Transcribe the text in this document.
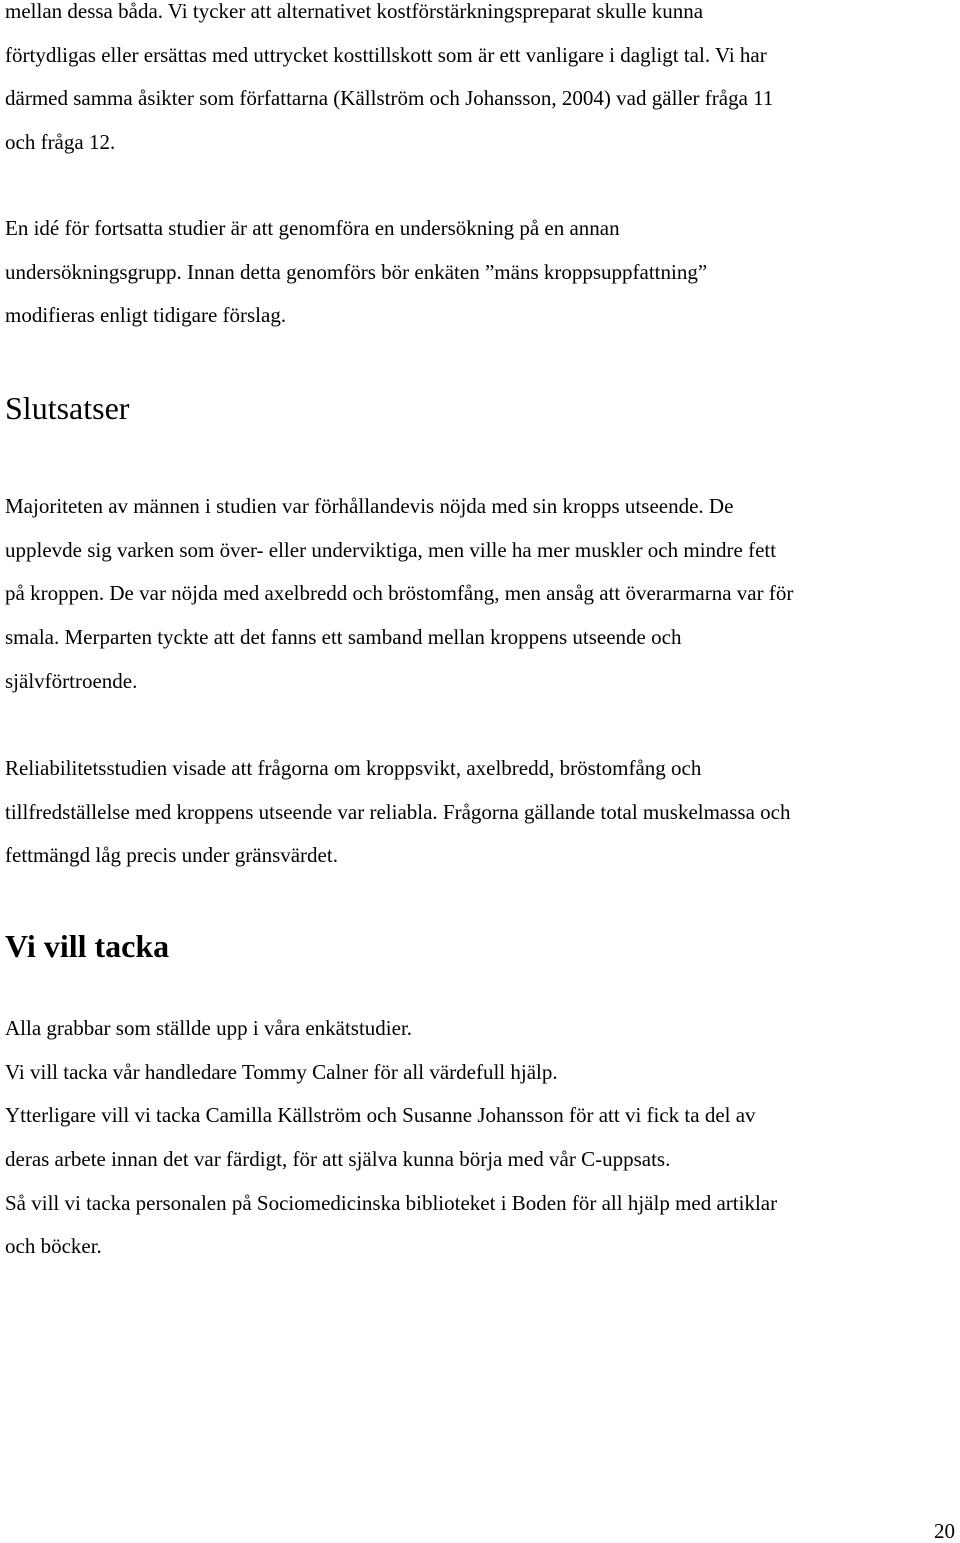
mellan dessa båda. Vi tycker att alternativet kostförstärkningspreparat skulle kunna
förtydligas eller ersättas med uttrycket kosttillskott som är ett vanligare i dagligt tal. Vi har
därmed samma åsikter som författarna (Källström och Johansson, 2004) vad gäller fråga 11
och fråga 12.

En idé för fortsatta studier är att genomföra en undersökning på en annan
undersökningsgrupp. Innan detta genomförs bör enkäten ”mäns kroppsuppfattning”
modifieras enligt tidigare förslag.

Slutsatser

Majoriteten av männen i studien var förhållandevis nöjda med sin kropps utseende. De
upplevde sig varken som över- eller underviktiga, men ville ha mer muskler och mindre fett
på kroppen. De var nöjda med axelbredd och bröstomfång, men ansåg att överarmarna var för
smala. Merparten tyckte att det fanns ett samband mellan kroppens utseende och
självförtroende.

Reliabilitetsstudien visade att frågorna om kroppsvikt, axelbredd, bröstomfång och
tillfredställelse med kroppens utseende var reliabla. Frågorna gällande total muskelmassa och
fettmängd låg precis under gränsvärdet.

Vi vill tacka

Alla grabbar som ställde upp i våra enkätstudier.
Vi vill tacka vår handledare Tommy Calner för all värdefull hjälp.
Ytterligare vill vi tacka Camilla Källström och Susanne Johansson för att vi fick ta del av
deras arbete innan det var färdigt, för att själva kunna börja med vår C-uppsats.
Så vill vi tacka personalen på Sociomedicinska biblioteket i Boden för all hjälp med artiklar
och böcker.

20
